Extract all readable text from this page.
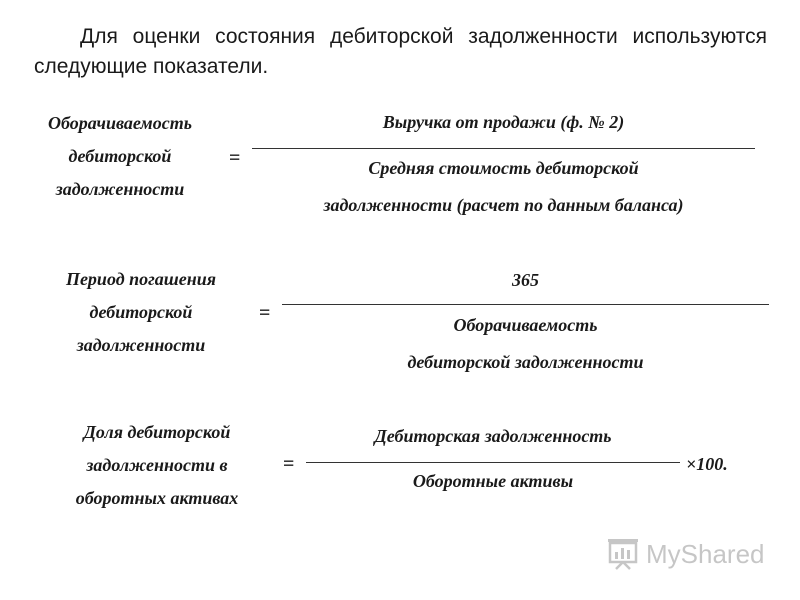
Для оценки состояния дебиторской задолженности используются следующие показатели.
Оборачиваемость
дебиторской
задолженности
=
Выручка от продажи (ф. № 2)
Средняя стоимость дебиторской
задолженности (расчет по данным баланса)
Период погашения
дебиторской
задолженности
=
365
Оборачиваемость
дебиторской задолженности
Доля дебиторской
задолженности в
оборотных активах
=
Дебиторская задолженность
Оборотные активы
×100.
MyShared
